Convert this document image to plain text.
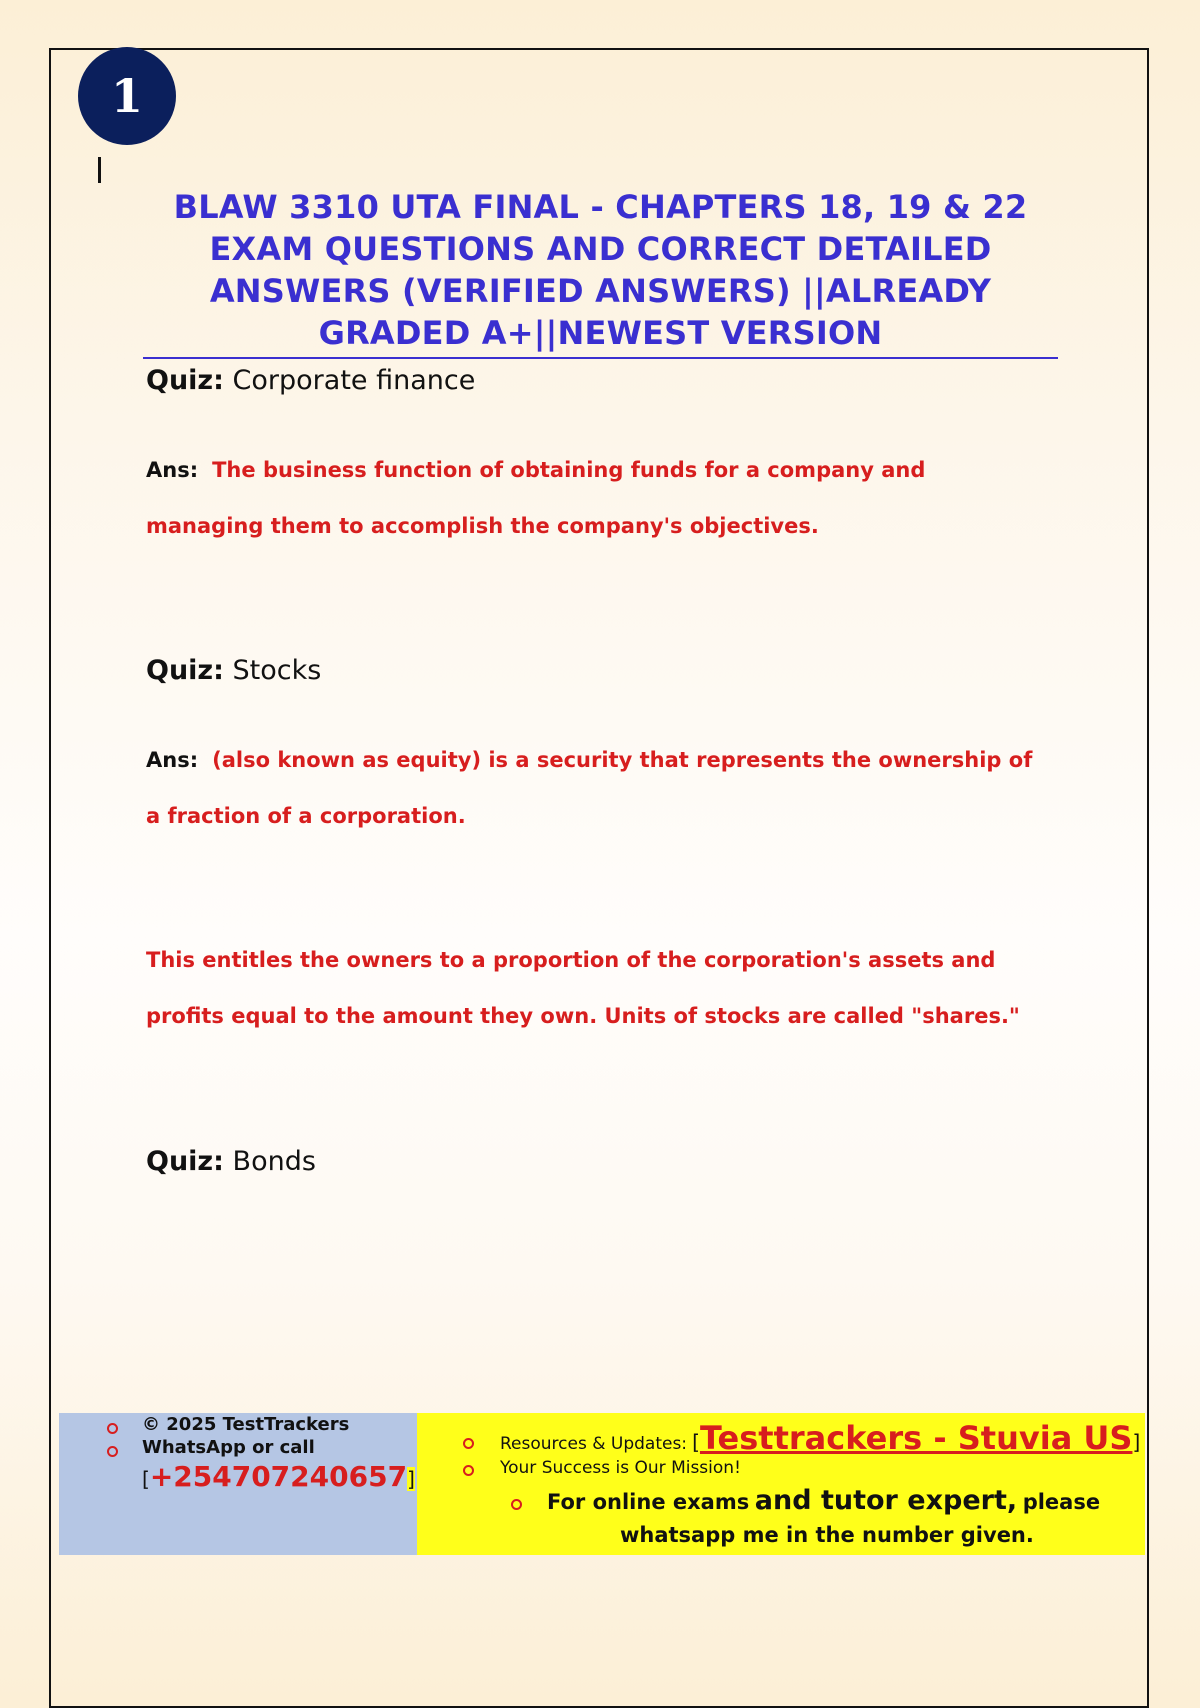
1
BLAW 3310 UTA FINAL - CHAPTERS 18, 19 & 22 EXAM QUESTIONS AND CORRECT DETAILED ANSWERS (VERIFIED ANSWERS) ||ALREADY GRADED A+||NEWEST VERSION
Quiz: Corporate finance
Ans: The business function of obtaining funds for a company and managing them to accomplish the company's objectives.
Quiz: Stocks
Ans: (also known as equity) is a security that represents the ownership of a fraction of a corporation.
This entitles the owners to a proportion of the corporation's assets and profits equal to the amount they own. Units of stocks are called "shares."
Quiz: Bonds
© 2025 TestTrackers
WhatsApp or call
[+254707240657]
Resources & Updates: [Testtrackers - Stuvia US]
Your Success is Our Mission!
For online exams and tutor expert, please
whatsapp me in the number given.
